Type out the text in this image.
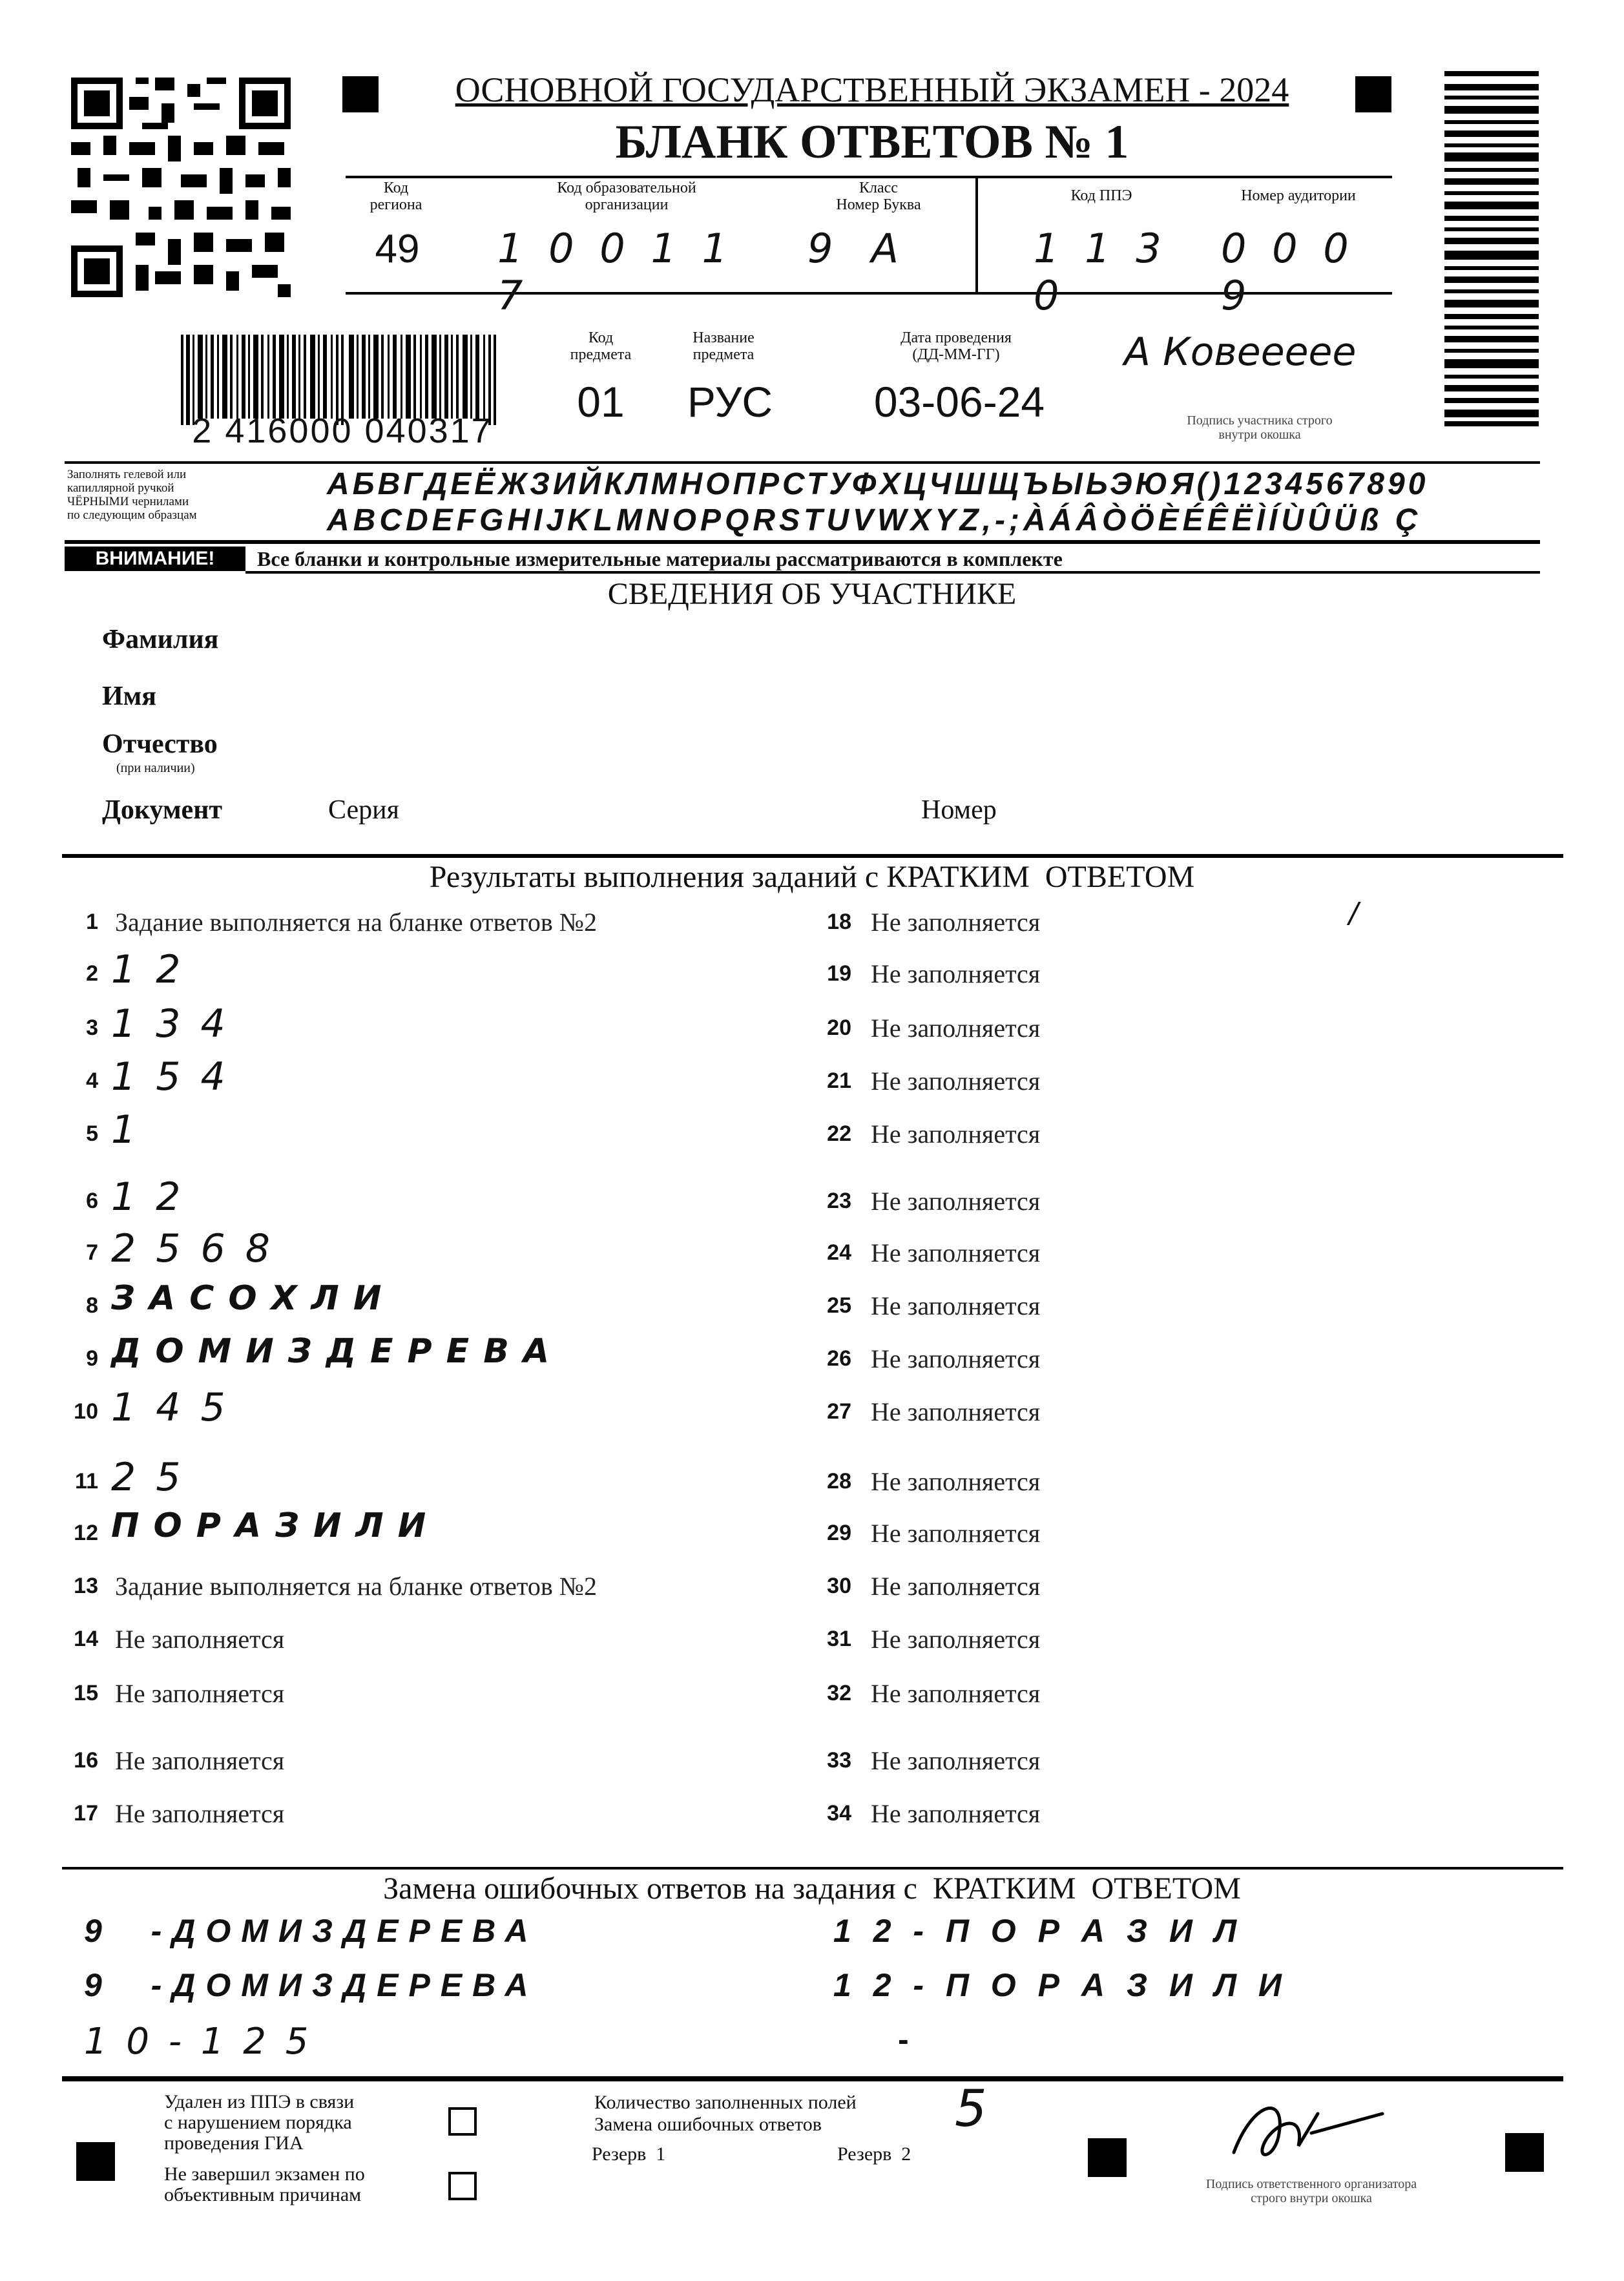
ОСНОВНОЙ ГОСУДАРСТВЕННЫЙ ЭКЗАМЕН - 2024
БЛАНК ОТВЕТОВ № 1
Код
региона
49
Код образовательной
организации
1 0 0 1 1 7
Класс
Номер Буква
9   А
Код ППЭ
1 1 3 0
Номер аудитории
0 0 0 9
2 416000 040317
Код
предмета
01
Название
предмета
РУС
Дата проведения
(ДД-ММ-ГГ)
03-06-24
А Ковеееее
Подпись участника строго
внутри окошка
Заполнять гелевой или
капиллярной ручкой
ЧЁРНЫМИ чернилами
по следующим образцам
АБВГДЕЁЖЗИЙКЛМНОПРСТУФХЦЧШЩЪЫЬЭЮЯ()1234567890
ABCDEFGHIJKLMNOPQRSTUVWXYZ,-;ÀÁÂÒÖÈÉÊËÌÍÙÛÜß Ç
ВНИМАНИЕ!	Все бланки и контрольные измерительные материалы рассматриваются в комплекте
СВЕДЕНИЯ ОБ УЧАСТНИКЕ
Фамилия
Имя
Отчество
(при наличии)
Документ	Серия	Номер
Результаты выполнения заданий с КРАТКИМ  ОТВЕТОМ
1 Задание выполняется на бланке ответов №2
2 1 2
3 1 3 4
4 1 5 4
5 1
6 1 2
7 2 5 6 8
8 ЗАСОХЛИ
9 ДОМИЗДЕРЕВА
10 1 4 5
11 2 5
12 ПОРАЗИЛИ
13 Задание выполняется на бланке ответов №2
14 Не заполняется
15 Не заполняется
16 Не заполняется
17 Не заполняется
18 Не заполняется
19 Не заполняется
20 Не заполняется
21 Не заполняется
22 Не заполняется
23 Не заполняется
24 Не заполняется
25 Не заполняется
26 Не заполняется
27 Не заполняется
28 Не заполняется
29 Не заполняется
30 Не заполняется
31 Не заполняется
32 Не заполняется
33 Не заполняется
34 Не заполняется
/
Замена ошибочных ответов на задания с  КРАТКИМ  ОТВЕТОМ
9  -ДОМИЗДЕРЕВА
9  -ДОМИЗДЕРЕВА
1 0 - 1 2 5
1 2 - П О Р А З И Л
1 2 - П О Р А З И Л И
-
Удален из ППЭ в связи
с нарушением порядка
проведения ГИА
Не завершил экзамен по
объективным причинам
Количество заполненных полей
Замена ошибочных ответов	5
Резерв  1	Резерв  2
Подпись ответственного организатора
строго внутри окошка
